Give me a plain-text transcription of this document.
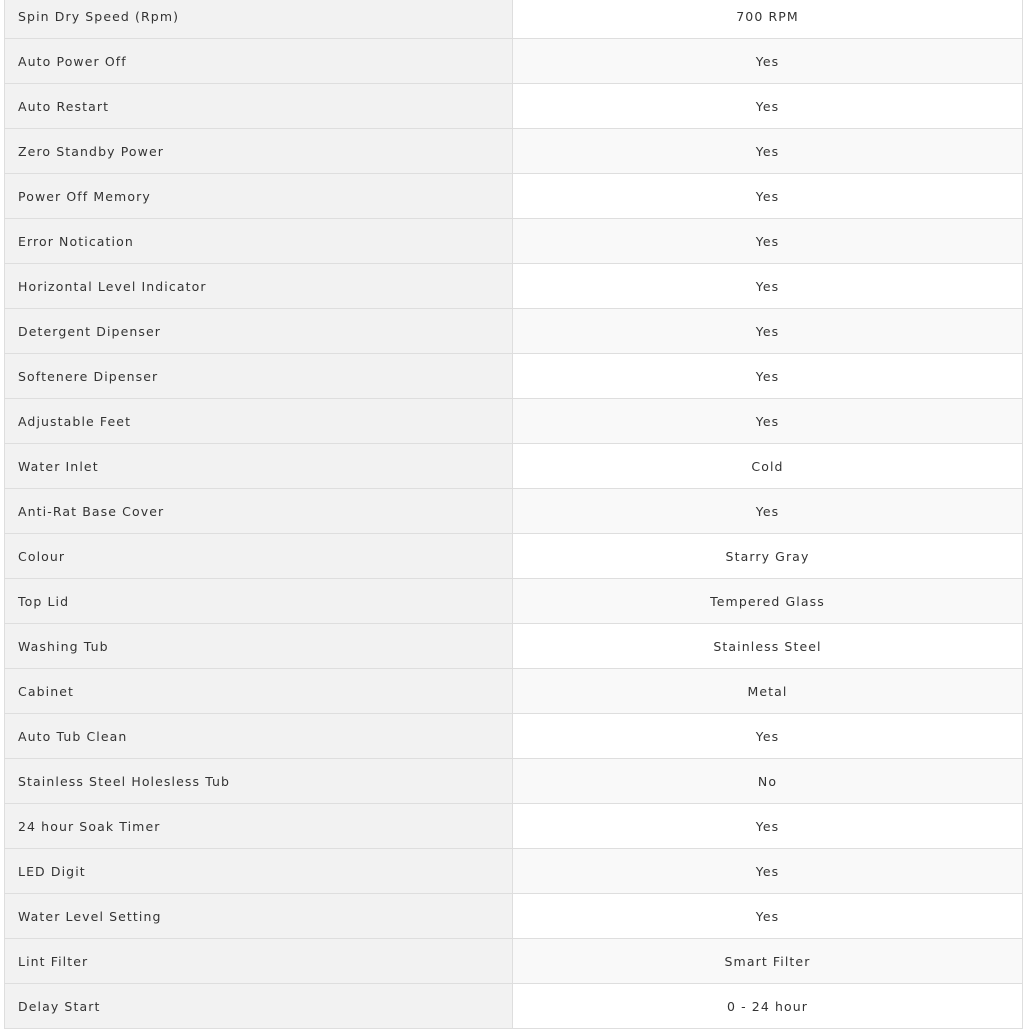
Spin Dry Speed (Rpm)	700 RPM
Auto Power Off	Yes
Auto Restart	Yes
Zero Standby Power	Yes
Power Off Memory	Yes
Error Notication	Yes
Horizontal Level Indicator	Yes
Detergent Dipenser	Yes
Softenere Dipenser	Yes
Adjustable Feet	Yes
Water Inlet	Cold
Anti-Rat Base Cover	Yes
Colour	Starry Gray
Top Lid	Tempered Glass
Washing Tub	Stainless Steel
Cabinet	Metal
Auto Tub Clean	Yes
Stainless Steel Holesless Tub	No
24 hour Soak Timer	Yes
LED Digit	Yes
Water Level Setting	Yes
Lint Filter	Smart Filter
Delay Start	0 - 24 hour
